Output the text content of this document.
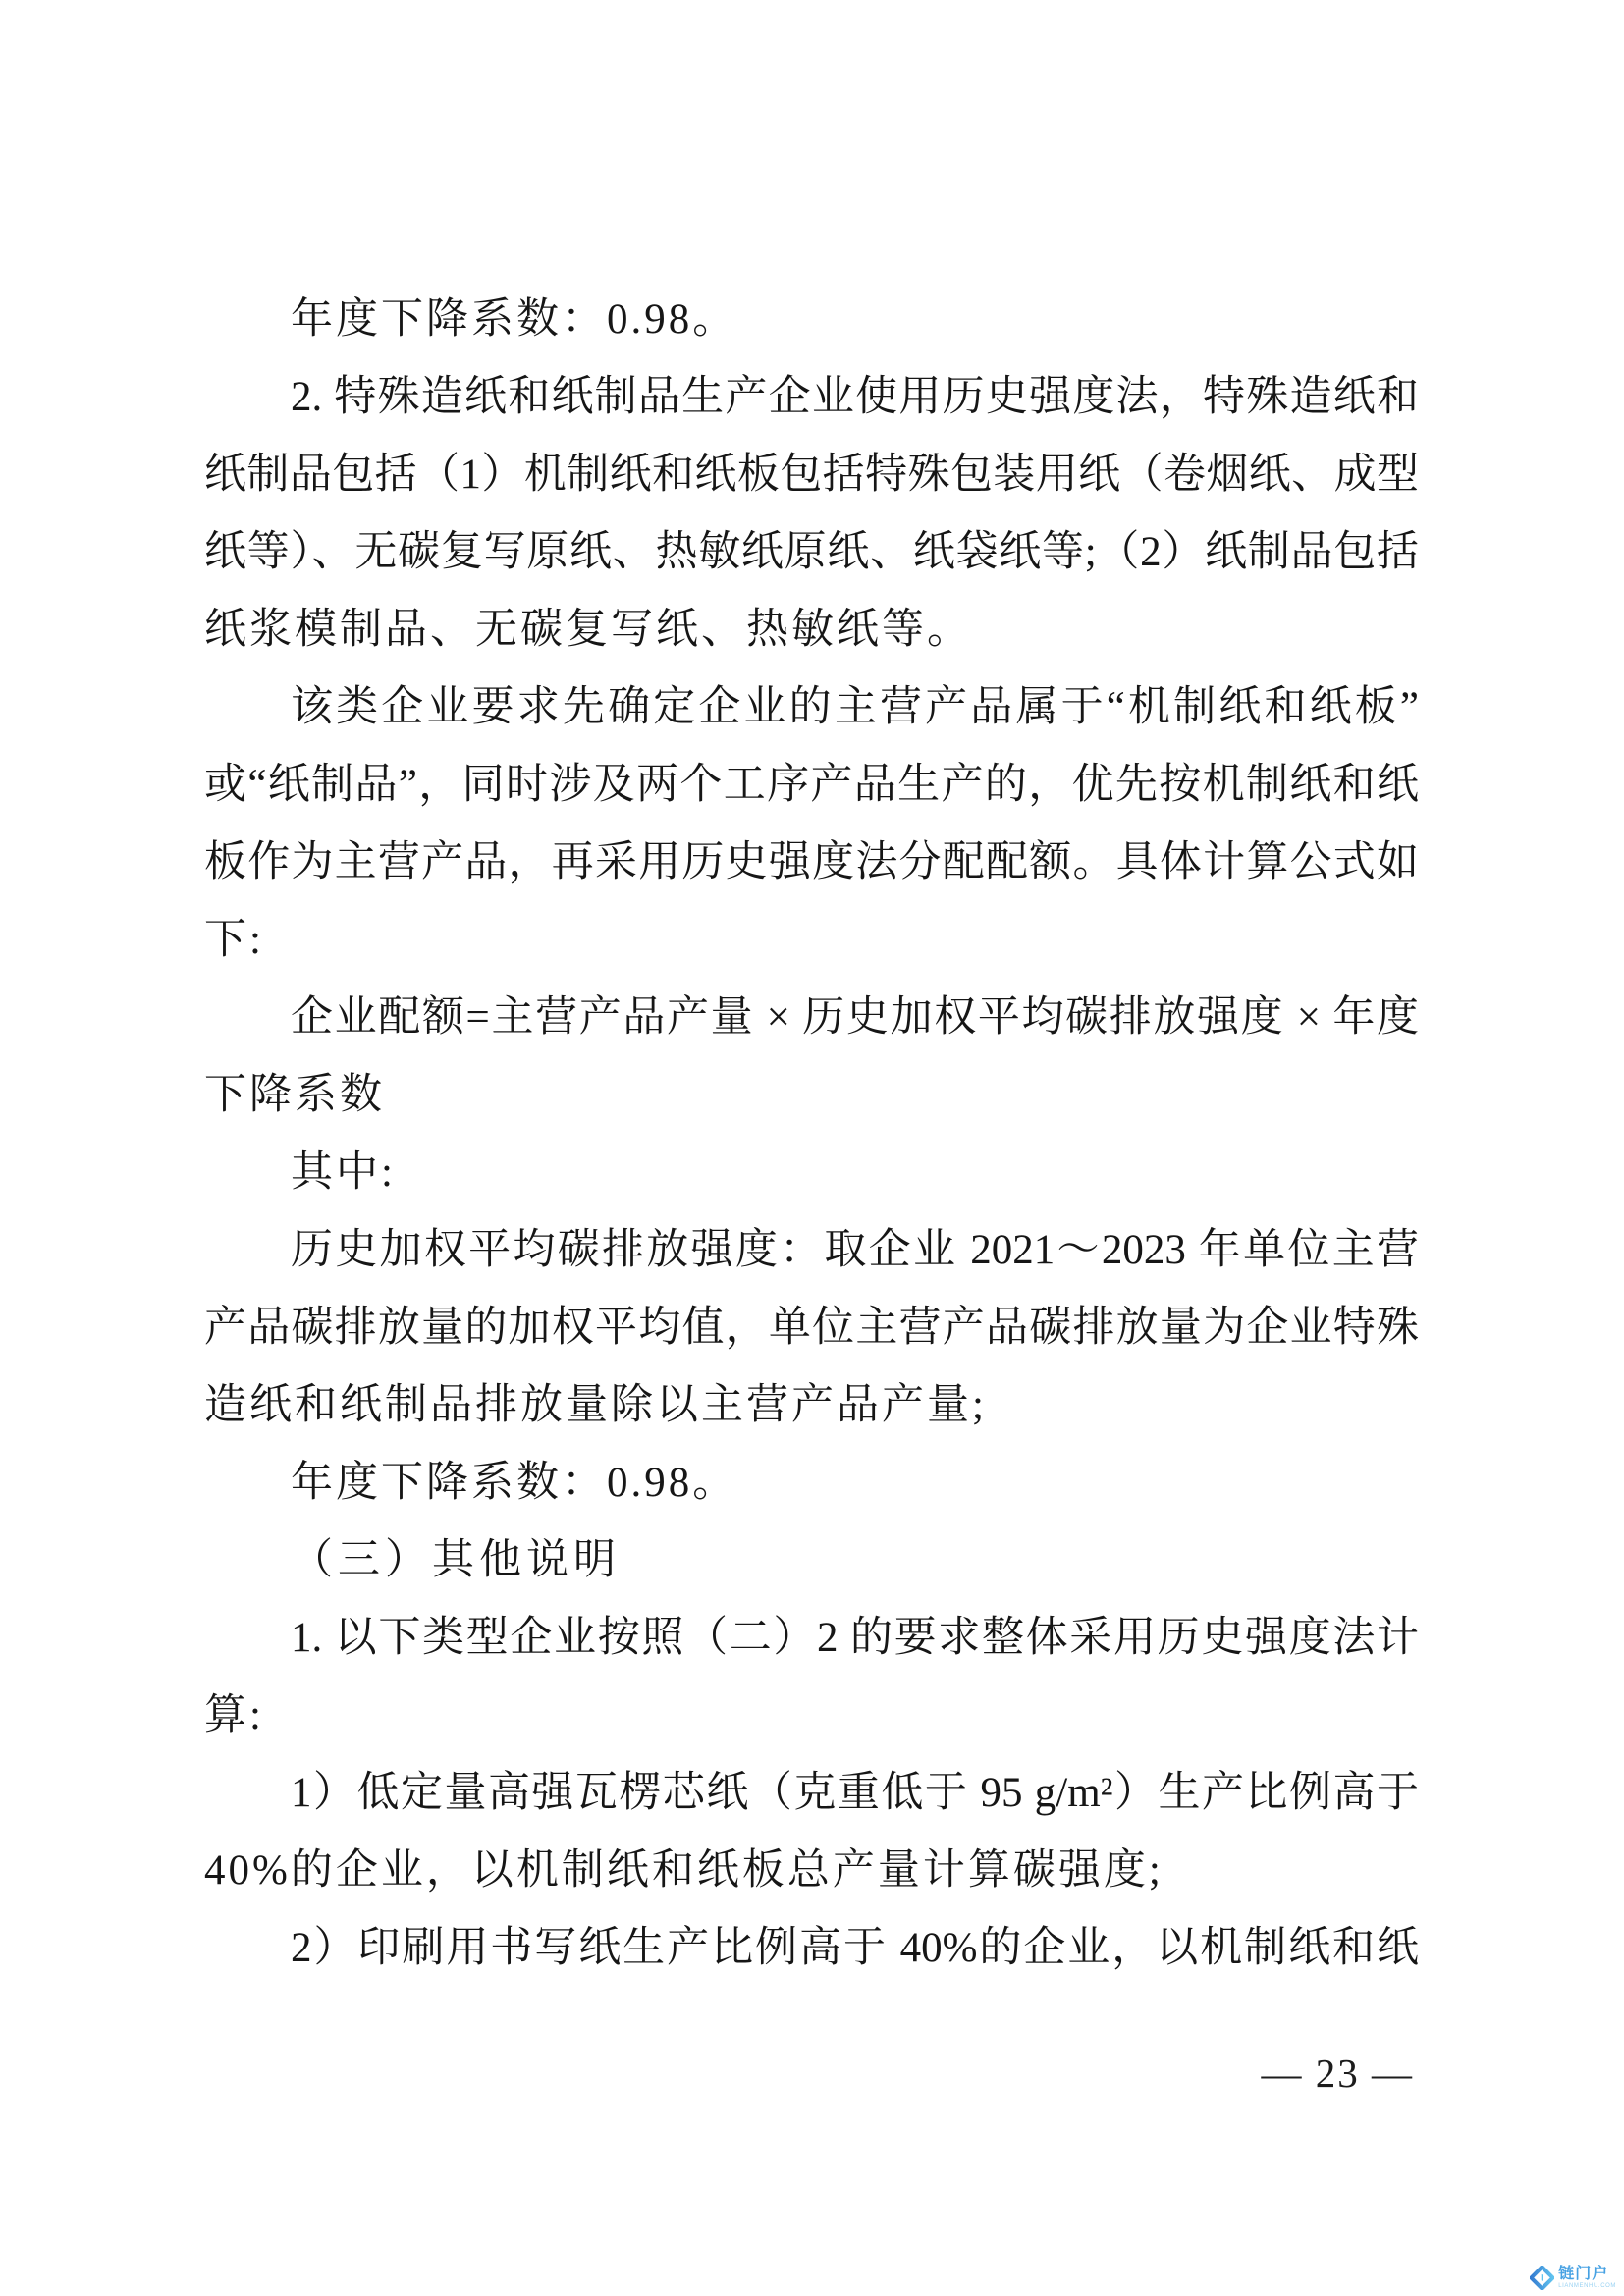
年度下降系数：0.98。
2. 特殊造纸和纸制品生产企业使用历史强度法，特殊造纸和
纸制品包括（1）机制纸和纸板包括特殊包装用纸（卷烟纸、成型
纸等）、无碳复写原纸、热敏纸原纸、纸袋纸等;（2）纸制品包括
纸浆模制品、无碳复写纸、热敏纸等。
该类企业要求先确定企业的主营产品属于“机制纸和纸板”
或“纸制品”，同时涉及两个工序产品生产的，优先按机制纸和纸
板作为主营产品，再采用历史强度法分配配额。具体计算公式如
下:
企业配额=主营产品产量 × 历史加权平均碳排放强度 × 年度
下降系数
其中:
历史加权平均碳排放强度：取企业 2021～2023 年单位主营
产品碳排放量的加权平均值，单位主营产品碳排放量为企业特殊
造纸和纸制品排放量除以主营产品产量;
年度下降系数：0.98。
（三）其他说明
1. 以下类型企业按照（二）2 的要求整体采用历史强度法计
算:
1）低定量高强瓦楞芯纸（克重低于 95 g/m²）生产比例高于
40%的企业，以机制纸和纸板总产量计算碳强度;
2）印刷用书写纸生产比例高于 40%的企业，以机制纸和纸
— 23 —
链门户
LIANMENHU.COM
